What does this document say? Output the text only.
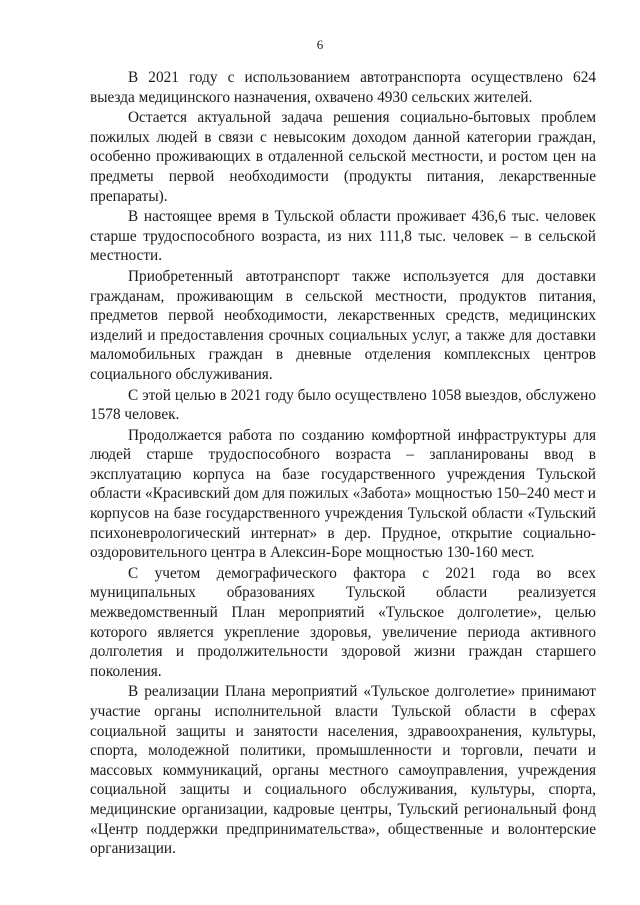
6

В 2021 году с использованием автотранспорта осуществлено 624 выезда медицинского назначения, охвачено 4930 сельских жителей.

Остается актуальной задача решения социально-бытовых проблем пожилых людей в связи с невысоким доходом данной категории граждан, особенно проживающих в отдаленной сельской местности, и ростом цен на предметы первой необходимости (продукты питания, лекарственные препараты).

В настоящее время в Тульской области проживает 436,6 тыс. человек старше трудоспособного возраста, из них 111,8 тыс. человек – в сельской местности.

Приобретенный автотранспорт также используется для доставки гражданам, проживающим в сельской местности, продуктов питания, предметов первой необходимости, лекарственных средств, медицинских изделий и предоставления срочных социальных услуг, а также для доставки маломобильных граждан в дневные отделения комплексных центров социального обслуживания.

С этой целью в 2021 году было осуществлено 1058 выездов, обслужено 1578 человек.

Продолжается работа по созданию комфортной инфраструктуры для людей старше трудоспособного возраста – запланированы ввод в эксплуатацию корпуса на базе государственного учреждения Тульской области «Красивский дом для пожилых «Забота» мощностью 150–240 мест и корпусов на базе государственного учреждения Тульской области «Тульский психоневрологический интернат» в дер. Прудное, открытие социально-оздоровительного центра в Алексин-Боре мощностью 130-160 мест.

С учетом демографического фактора с 2021 года во всех муниципальных образованиях Тульской области реализуется межведомственный План мероприятий «Тульское долголетие», целью которого является укрепление здоровья, увеличение периода активного долголетия и продолжительности здоровой жизни граждан старшего поколения.

В реализации Плана мероприятий «Тульское долголетие» принимают участие органы исполнительной власти Тульской области в сферах социальной защиты и занятости населения, здравоохранения, культуры, спорта, молодежной политики, промышленности и торговли, печати и массовых коммуникаций, органы местного самоуправления, учреждения социальной защиты и социального обслуживания, культуры, спорта, медицинские организации, кадровые центры, Тульский региональный фонд «Центр поддержки предпринимательства», общественные и волонтерские организации.
